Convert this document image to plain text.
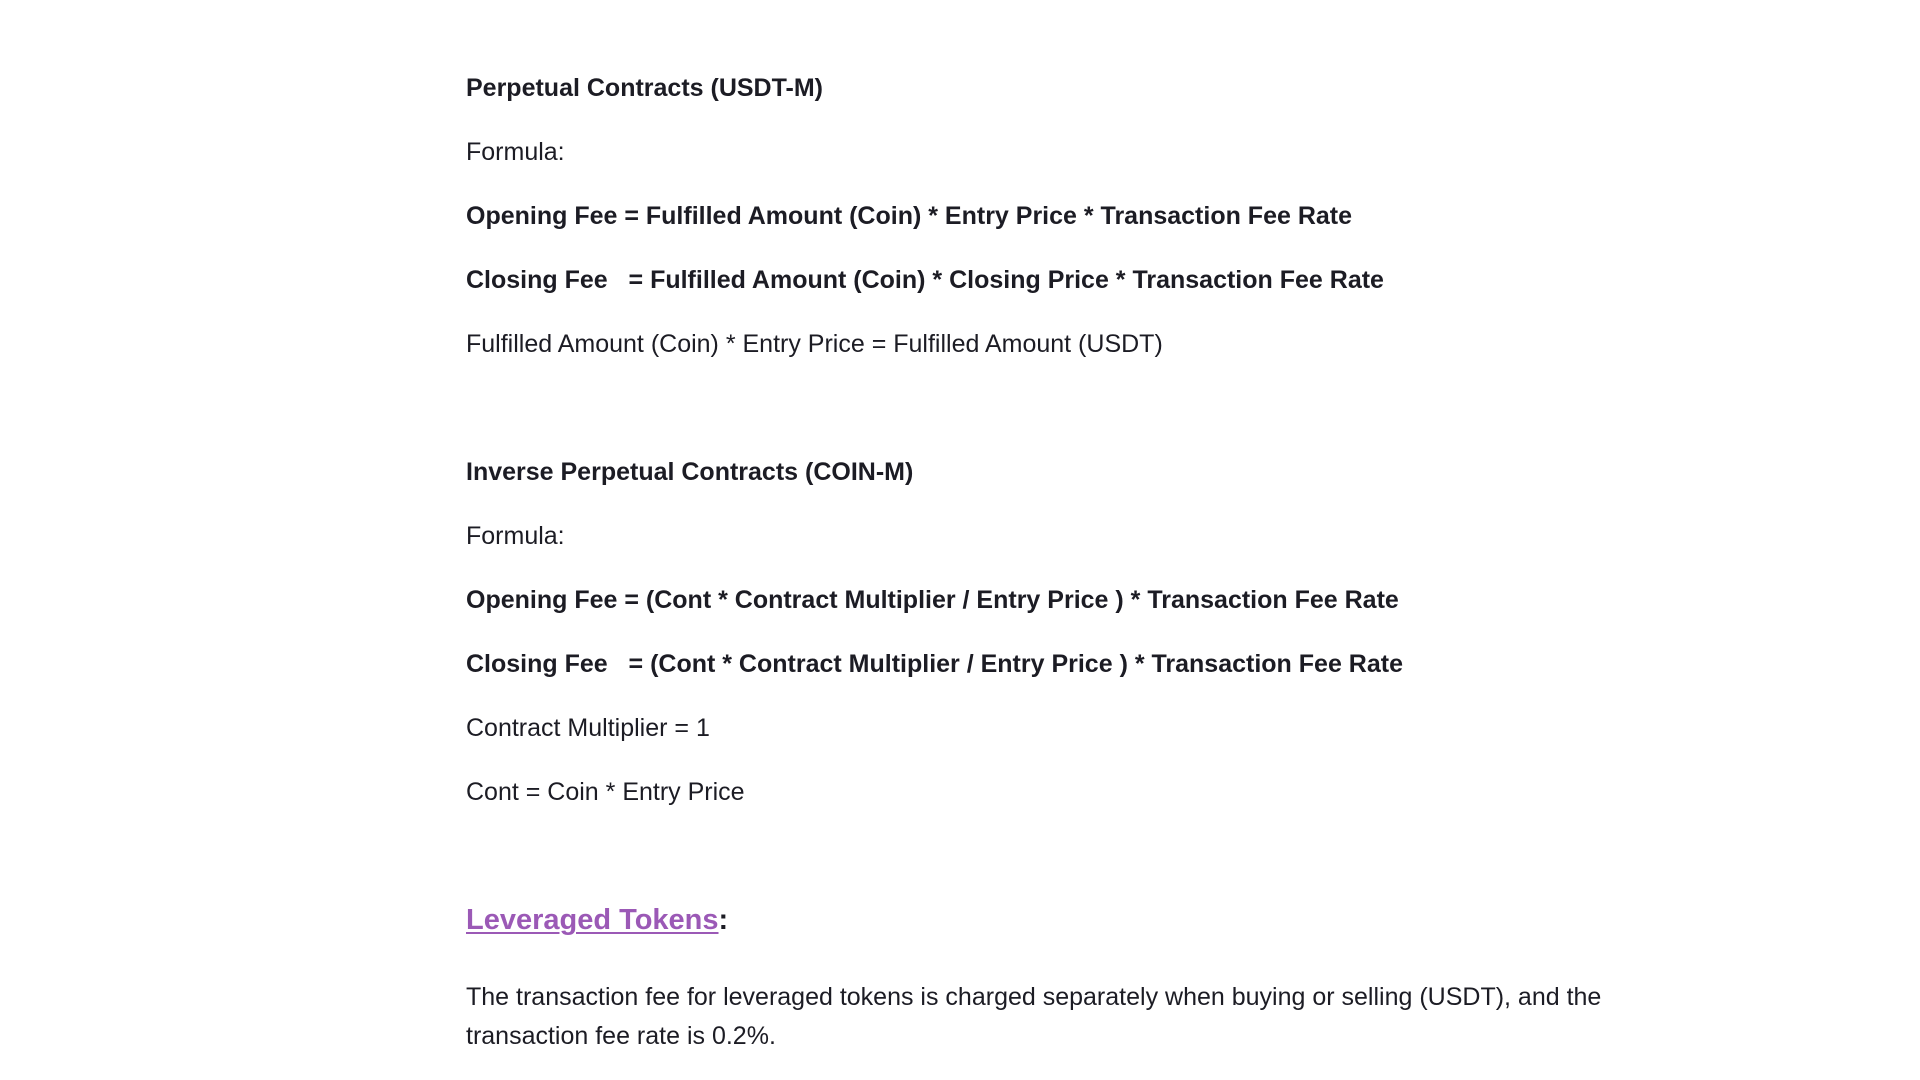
Perpetual Contracts (USDT-M)

Formula:

Opening Fee = Fulfilled Amount (Coin) * Entry Price * Transaction Fee Rate

Closing Fee   = Fulfilled Amount (Coin) * Closing Price * Transaction Fee Rate

Fulfilled Amount (Coin) * Entry Price = Fulfilled Amount (USDT)

Inverse Perpetual Contracts (COIN-M)

Formula:

Opening Fee = (Cont * Contract Multiplier / Entry Price ) * Transaction Fee Rate

Closing Fee   = (Cont * Contract Multiplier / Entry Price ) * Transaction Fee Rate

Contract Multiplier = 1

Cont = Coin * Entry Price

Leveraged Tokens:

The transaction fee for leveraged tokens is charged separately when buying or selling (USDT), and the transaction fee rate is 0.2%.
